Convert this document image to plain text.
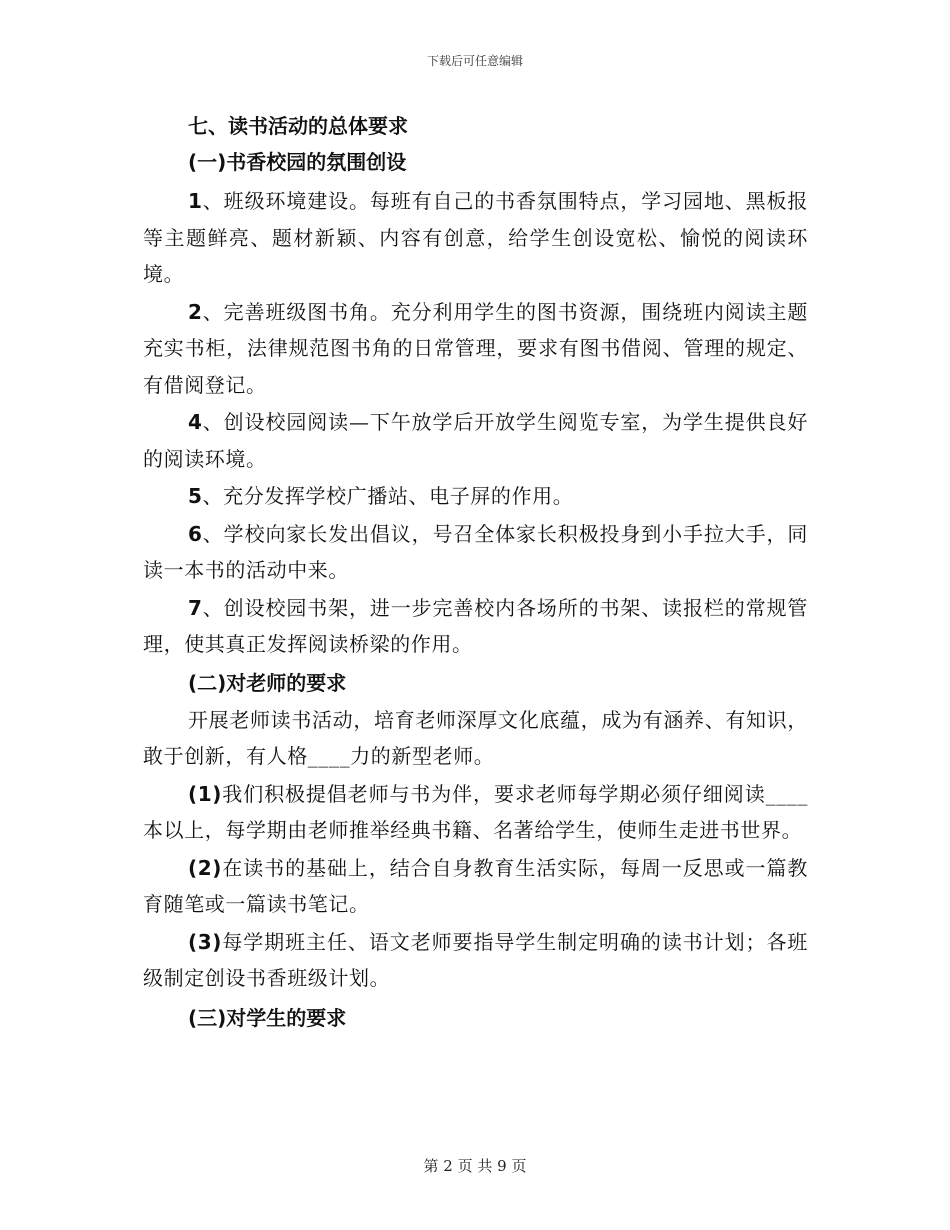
下载后可任意编辑

七、读书活动的总体要求

(一)书香校园的氛围创设

1、班级环境建设。每班有自己的书香氛围特点，学习园地、黑板报等主题鲜亮、题材新颖、内容有创意，给学生创设宽松、愉悦的阅读环境。

2、完善班级图书角。充分利用学生的图书资源，围绕班内阅读主题充实书柜，法律规范图书角的日常管理，要求有图书借阅、管理的规定、有借阅登记。

4、创设校园阅读—下午放学后开放学生阅览专室，为学生提供良好的阅读环境。

5、充分发挥学校广播站、电子屏的作用。

6、学校向家长发出倡议，号召全体家长积极投身到小手拉大手，同读一本书的活动中来。

7、创设校园书架，进一步完善校内各场所的书架、读报栏的常规管理，使其真正发挥阅读桥梁的作用。

(二)对老师的要求

开展老师读书活动，培育老师深厚文化底蕴，成为有涵养、有知识，敢于创新，有人格____力的新型老师。

(1)我们积极提倡老师与书为伴，要求老师每学期必须仔细阅读____本以上，每学期由老师推举经典书籍、名著给学生，使师生走进书世界。

(2)在读书的基础上，结合自身教育生活实际，每周一反思或一篇教育随笔或一篇读书笔记。

(3)每学期班主任、语文老师要指导学生制定明确的读书计划；各班级制定创设书香班级计划。

(三)对学生的要求

第 2 页 共 9 页
